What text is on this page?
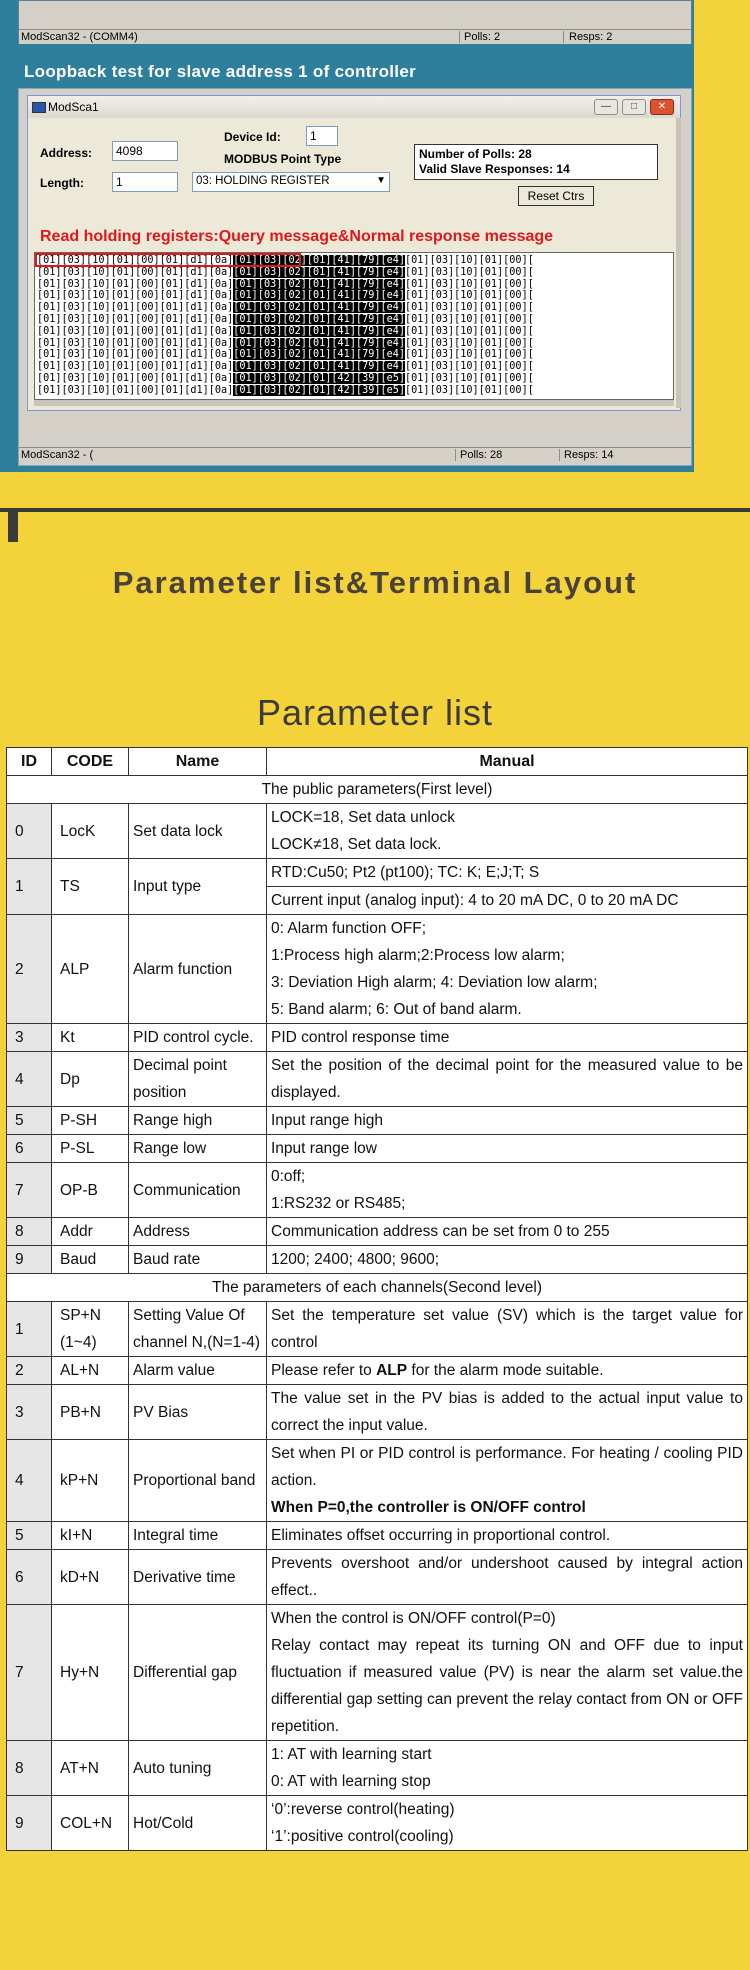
ModScan32 - (COMM4)	Polls: 2	Resps: 2
Loopback test for slave address 1 of controller
ModSca1	—	□	✕
Address:
4098
Length:
1
Device Id:
1
MODBUS Point Type
03: HOLDING REGISTER	▼
Number of Polls: 28
Valid Slave Responses: 14
Reset Ctrs
Read holding registers:Query message&Normal response message
[01][03][10][01][00][01][d1][0a][01][03][02][01][41][79][e4][01][03][10][01][00][
[01][03][10][01][00][01][d1][0a][01][03][02][01][41][79][e4][01][03][10][01][00][
[01][03][10][01][00][01][d1][0a][01][03][02][01][41][79][e4][01][03][10][01][00][
[01][03][10][01][00][01][d1][0a][01][03][02][01][41][79][e4][01][03][10][01][00][
[01][03][10][01][00][01][d1][0a][01][03][02][01][41][79][e4][01][03][10][01][00][
[01][03][10][01][00][01][d1][0a][01][03][02][01][41][79][e4][01][03][10][01][00][
[01][03][10][01][00][01][d1][0a][01][03][02][01][41][79][e4][01][03][10][01][00][
[01][03][10][01][00][01][d1][0a][01][03][02][01][41][79][e4][01][03][10][01][00][
[01][03][10][01][00][01][d1][0a][01][03][02][01][41][79][e4][01][03][10][01][00][
[01][03][10][01][00][01][d1][0a][01][03][02][01][41][79][e4][01][03][10][01][00][
[01][03][10][01][00][01][d1][0a][01][03][02][01][42][39][e5][01][03][10][01][00][
[01][03][10][01][00][01][d1][0a][01][03][02][01][42][39][e5][01][03][10][01][00][
ModScan32 - (	Polls: 28	Resps: 14
Parameter list&Terminal Layout
Parameter list
ID	CODE	Name	Manual
The public parameters(First level)			
0	LocK	Set data lock	LOCK=18, Set data unlock
LOCK≠18, Set data lock.

1	TS	Input type	RTD:Cu50; Pt2 (pt100); TC: K; E;J;T; S
Current input (analog input): 4 to 20 mA DC, 0 to 20 mA DC

2	ALP	Alarm function	0: Alarm function OFF;
1:Process high alarm;2:Process low alarm;
3: Deviation High alarm; 4: Deviation low alarm;
5: Band alarm; 6: Out of band alarm.

3	Kt	PID control cycle.	PID control response time

4	Dp	Decimal point position	Set the position of the decimal point for the measured value to be displayed.

5	P-SH	Range high	Input range high

6	P-SL	Range low	Input range low

7	OP-B	Communication	0:off;
1:RS232 or RS485;

8	Addr	Address	Communication address can be set from 0 to 255

9	Baud	Baud rate	1200; 2400; 4800; 9600;

The parameters of each channels(Second level)			
1	SP+N (1~4)	Setting Value Of channel N,(N=1-4)	Set the temperature set value (SV) which is the target value for control

2	AL+N	Alarm value	Please refer to ALP for the alarm mode suitable.
3	PB+N	PV Bias	The value set in the PV bias is added to the actual input value to correct the input value.

4	kP+N	Proportional band	Set when PI or PID control is performance. For heating / cooling PID action.
When P=0,the controller is ON/OFF control

5	kI+N	Integral time	Eliminates offset occurring in proportional control.

6	kD+N	Derivative time	Prevents overshoot and/or undershoot caused by integral action effect..

7	Hy+N	Differential gap	When the control is ON/OFF control(P=0)
Relay contact may repeat its turning ON and OFF due to input fluctuation if measured value (PV) is near the alarm set value.the differential gap setting can prevent the relay contact from ON or OFF repetition.

8	AT+N	Auto tuning	1: AT with learning start
0: AT with learning stop

9	COL+N	Hot/Cold	‘0’:reverse control(heating)
‘1’:positive control(cooling)
